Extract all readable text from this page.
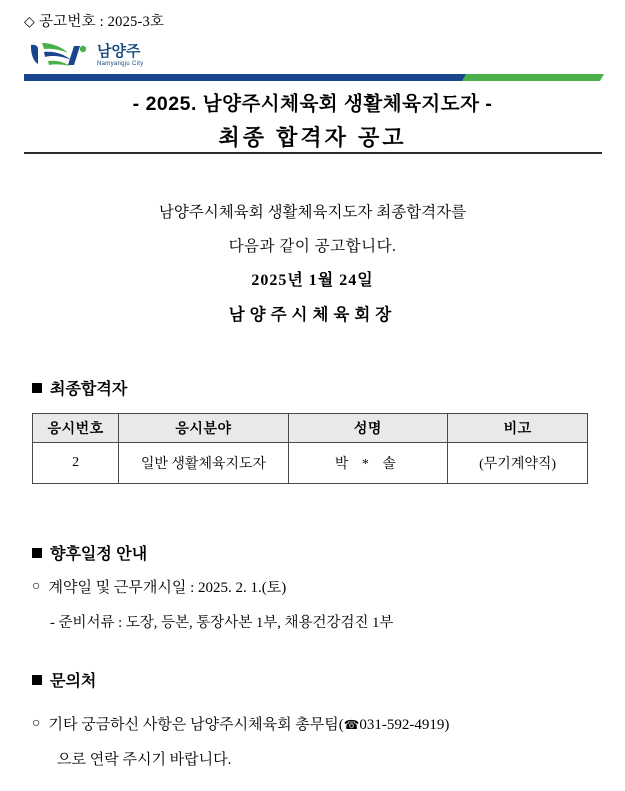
◇ 공고번호 : 2025-3호
남양주
Namyangju City
- 2025. 남양주시체육회 생활체육지도자 -
최종 합격자 공고
남양주시체육회 생활체육지도자 최종합격자를
다음과 같이 공고합니다.
2025년 1월 24일
남양주시체육회장
최종합격자
응시번호	응시분야	성명	비고
2	일반 생활체육지도자	박 * 솔	(무기계약직)
향후일정 안내
○ 계약일 및 근무개시일 : 2025. 2. 1.(토)
- 준비서류 : 도장, 등본, 통장사본 1부, 채용건강검진 1부
문의처
○ 기타 궁금하신 사항은 남양주시체육회 총무팀(☎031-592-4919)
으로 연락 주시기 바랍니다.
